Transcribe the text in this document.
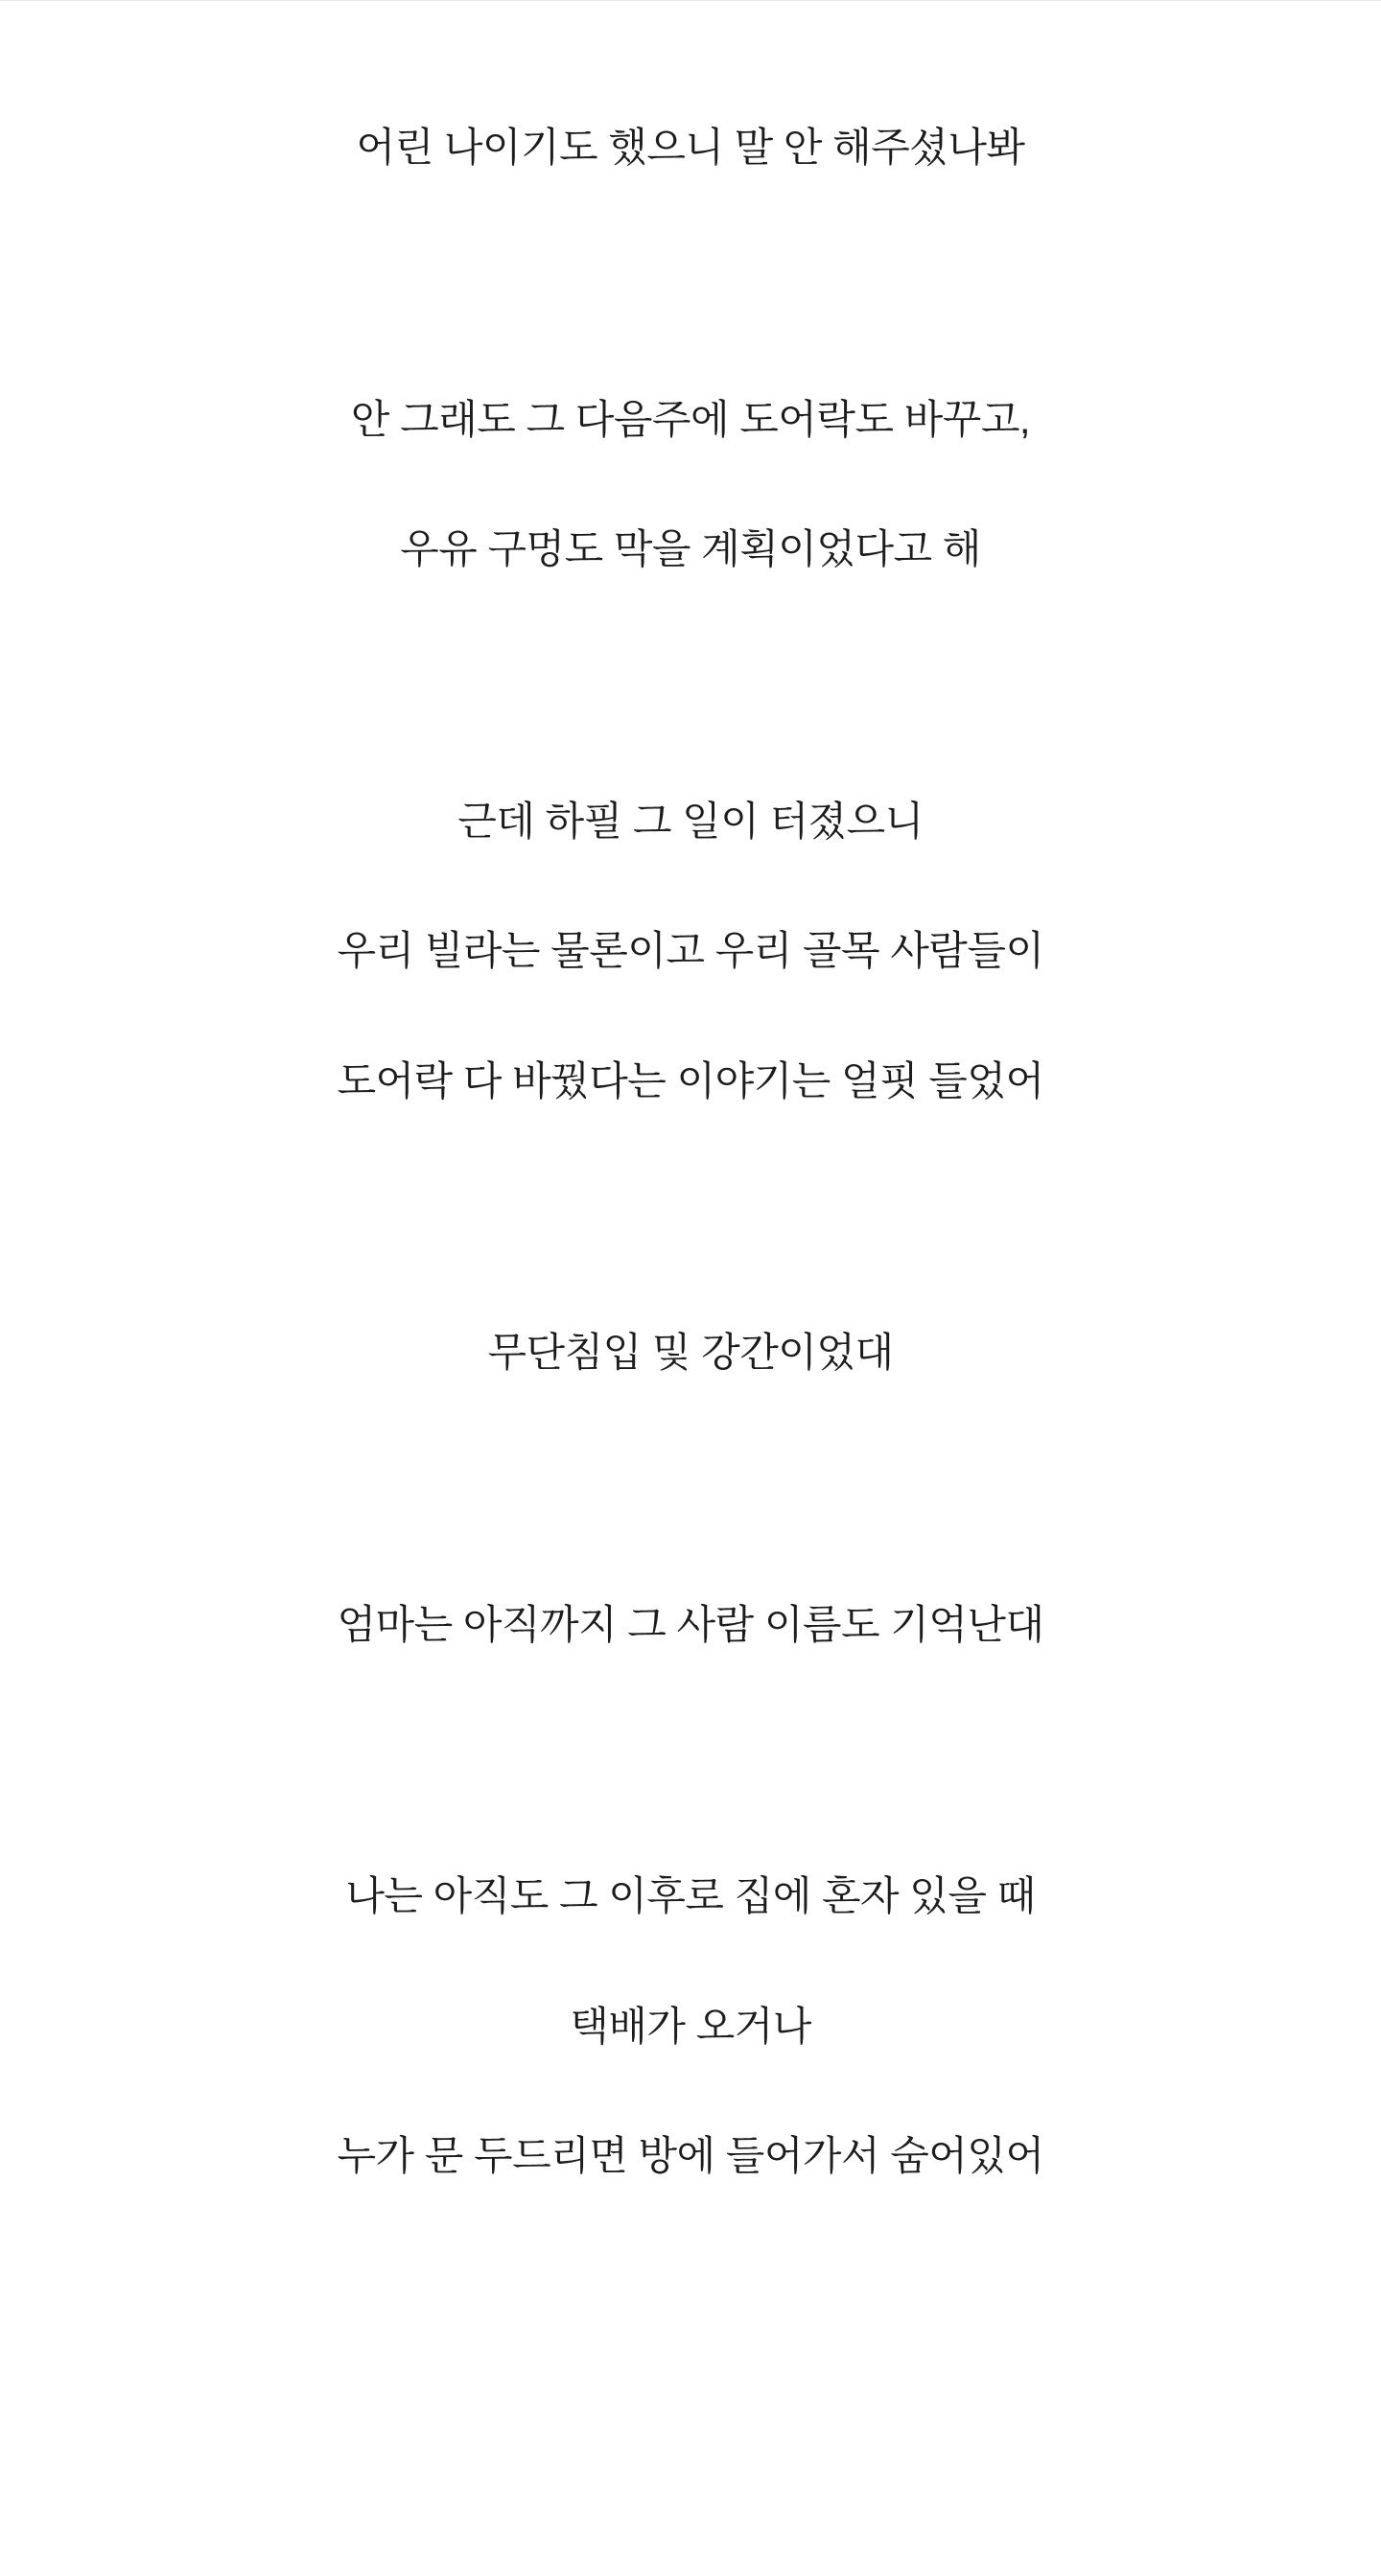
어린 나이기도 했으니 말 안 해주셨나봐

안 그래도 그 다음주에 도어락도 바꾸고,

우유 구멍도 막을 계획이었다고 해

근데 하필 그 일이 터졌으니

우리 빌라는 물론이고 우리 골목 사람들이

도어락 다 바꿨다는 이야기는 얼핏 들었어

무단침입 및 강간이었대

엄마는 아직까지 그 사람 이름도 기억난대

나는 아직도 그 이후로 집에 혼자 있을 때

택배가 오거나

누가 문 두드리면 방에 들어가서 숨어있어
